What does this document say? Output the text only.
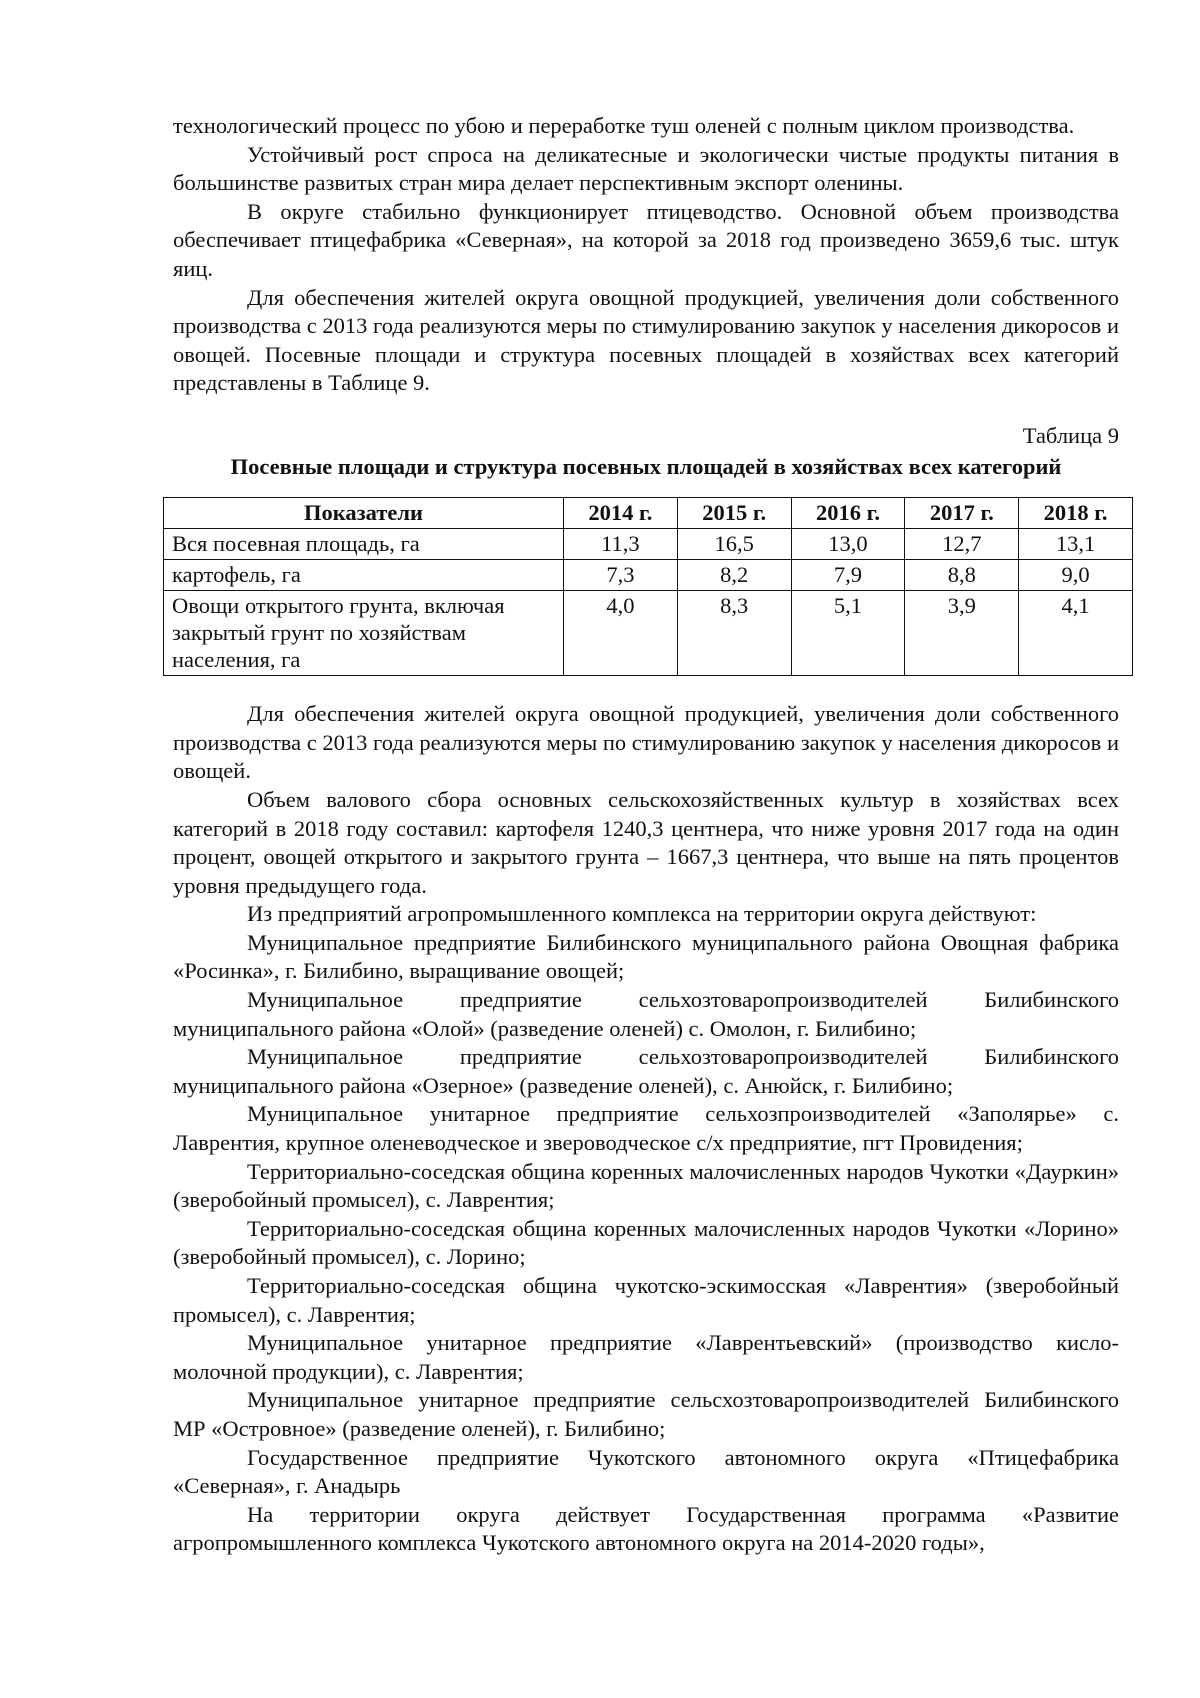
технологический процесс по убою и переработке туш оленей с полным циклом производства.

Устойчивый рост спроса на деликатесные и экологически чистые продукты питания в большинстве развитых стран мира делает перспективным экспорт оленины.

В округе стабильно функционирует птицеводство. Основной объем производства обеспечивает птицефабрика «Северная», на которой за 2018 год произведено 3659,6 тыс. штук яиц.

Для обеспечения жителей округа овощной продукцией, увеличения доли собственного производства с 2013 года реализуются меры по стимулированию закупок у населения дикоросов и овощей. Посевные площади и структура посевных площадей в хозяйствах всех категорий представлены в Таблице 9.

Таблица 9

Посевные площади и структура посевных площадей в хозяйствах всех категорий

Показатели	2014 г.	2015 г.	2016 г.	2017 г.	2018 г.
Вся посевная площадь, га	11,3	16,5	13,0	12,7	13,1
картофель, га	7,3	8,2	7,9	8,8	9,0
Овощи открытого грунта, включая закрытый грунт по хозяйствам населения, га	4,0	8,3	5,1	3,9	4,1

Для обеспечения жителей округа овощной продукцией, увеличения доли собственного производства с 2013 года реализуются меры по стимулированию закупок у населения дикоросов и овощей.

Объем валового сбора основных сельскохозяйственных культур в хозяйствах всех категорий в 2018 году составил: картофеля 1240,3 центнера, что ниже уровня 2017 года на один процент, овощей открытого и закрытого грунта – 1667,3 центнера, что выше на пять процентов уровня предыдущего года.

Из предприятий агропромышленного комплекса на территории округа действуют:

Муниципальное предприятие Билибинского муниципального района Овощная фабрика «Росинка», г. Билибино, выращивание овощей;

Муниципальное предприятие сельхозтоваропроизводителей Билибинского муниципального района «Олой» (разведение оленей) с. Омолон, г. Билибино;

Муниципальное предприятие сельхозтоваропроизводителей Билибинского муниципального района «Озерное» (разведение оленей), с. Анюйск, г. Билибино;

Муниципальное унитарное предприятие сельхозпроизводителей «Заполярье» с. Лаврентия, крупное оленеводческое и звероводческое с/х предприятие, пгт Провидения;

Территориально-соседская община коренных малочисленных народов Чукотки «Дауркин» (зверобойный промысел), с. Лаврентия;

Территориально-соседская община коренных малочисленных народов Чукотки «Лорино» (зверобойный промысел), с. Лорино;

Территориально-соседская община чукотско-эскимосская «Лаврентия» (зверобойный промысел), с. Лаврентия;

Муниципальное унитарное предприятие «Лаврентьевский» (производство кисло-молочной продукции), с. Лаврентия;

Муниципальное унитарное предприятие сельсхозтоваропроизводителей Билибинского МР «Островное» (разведение оленей), г. Билибино;

Государственное предприятие Чукотского автономного округа «Птицефабрика «Северная», г. Анадырь

На территории округа действует Государственная программа «Развитие агропромышленного комплекса Чукотского автономного округа на 2014-2020 годы»,
